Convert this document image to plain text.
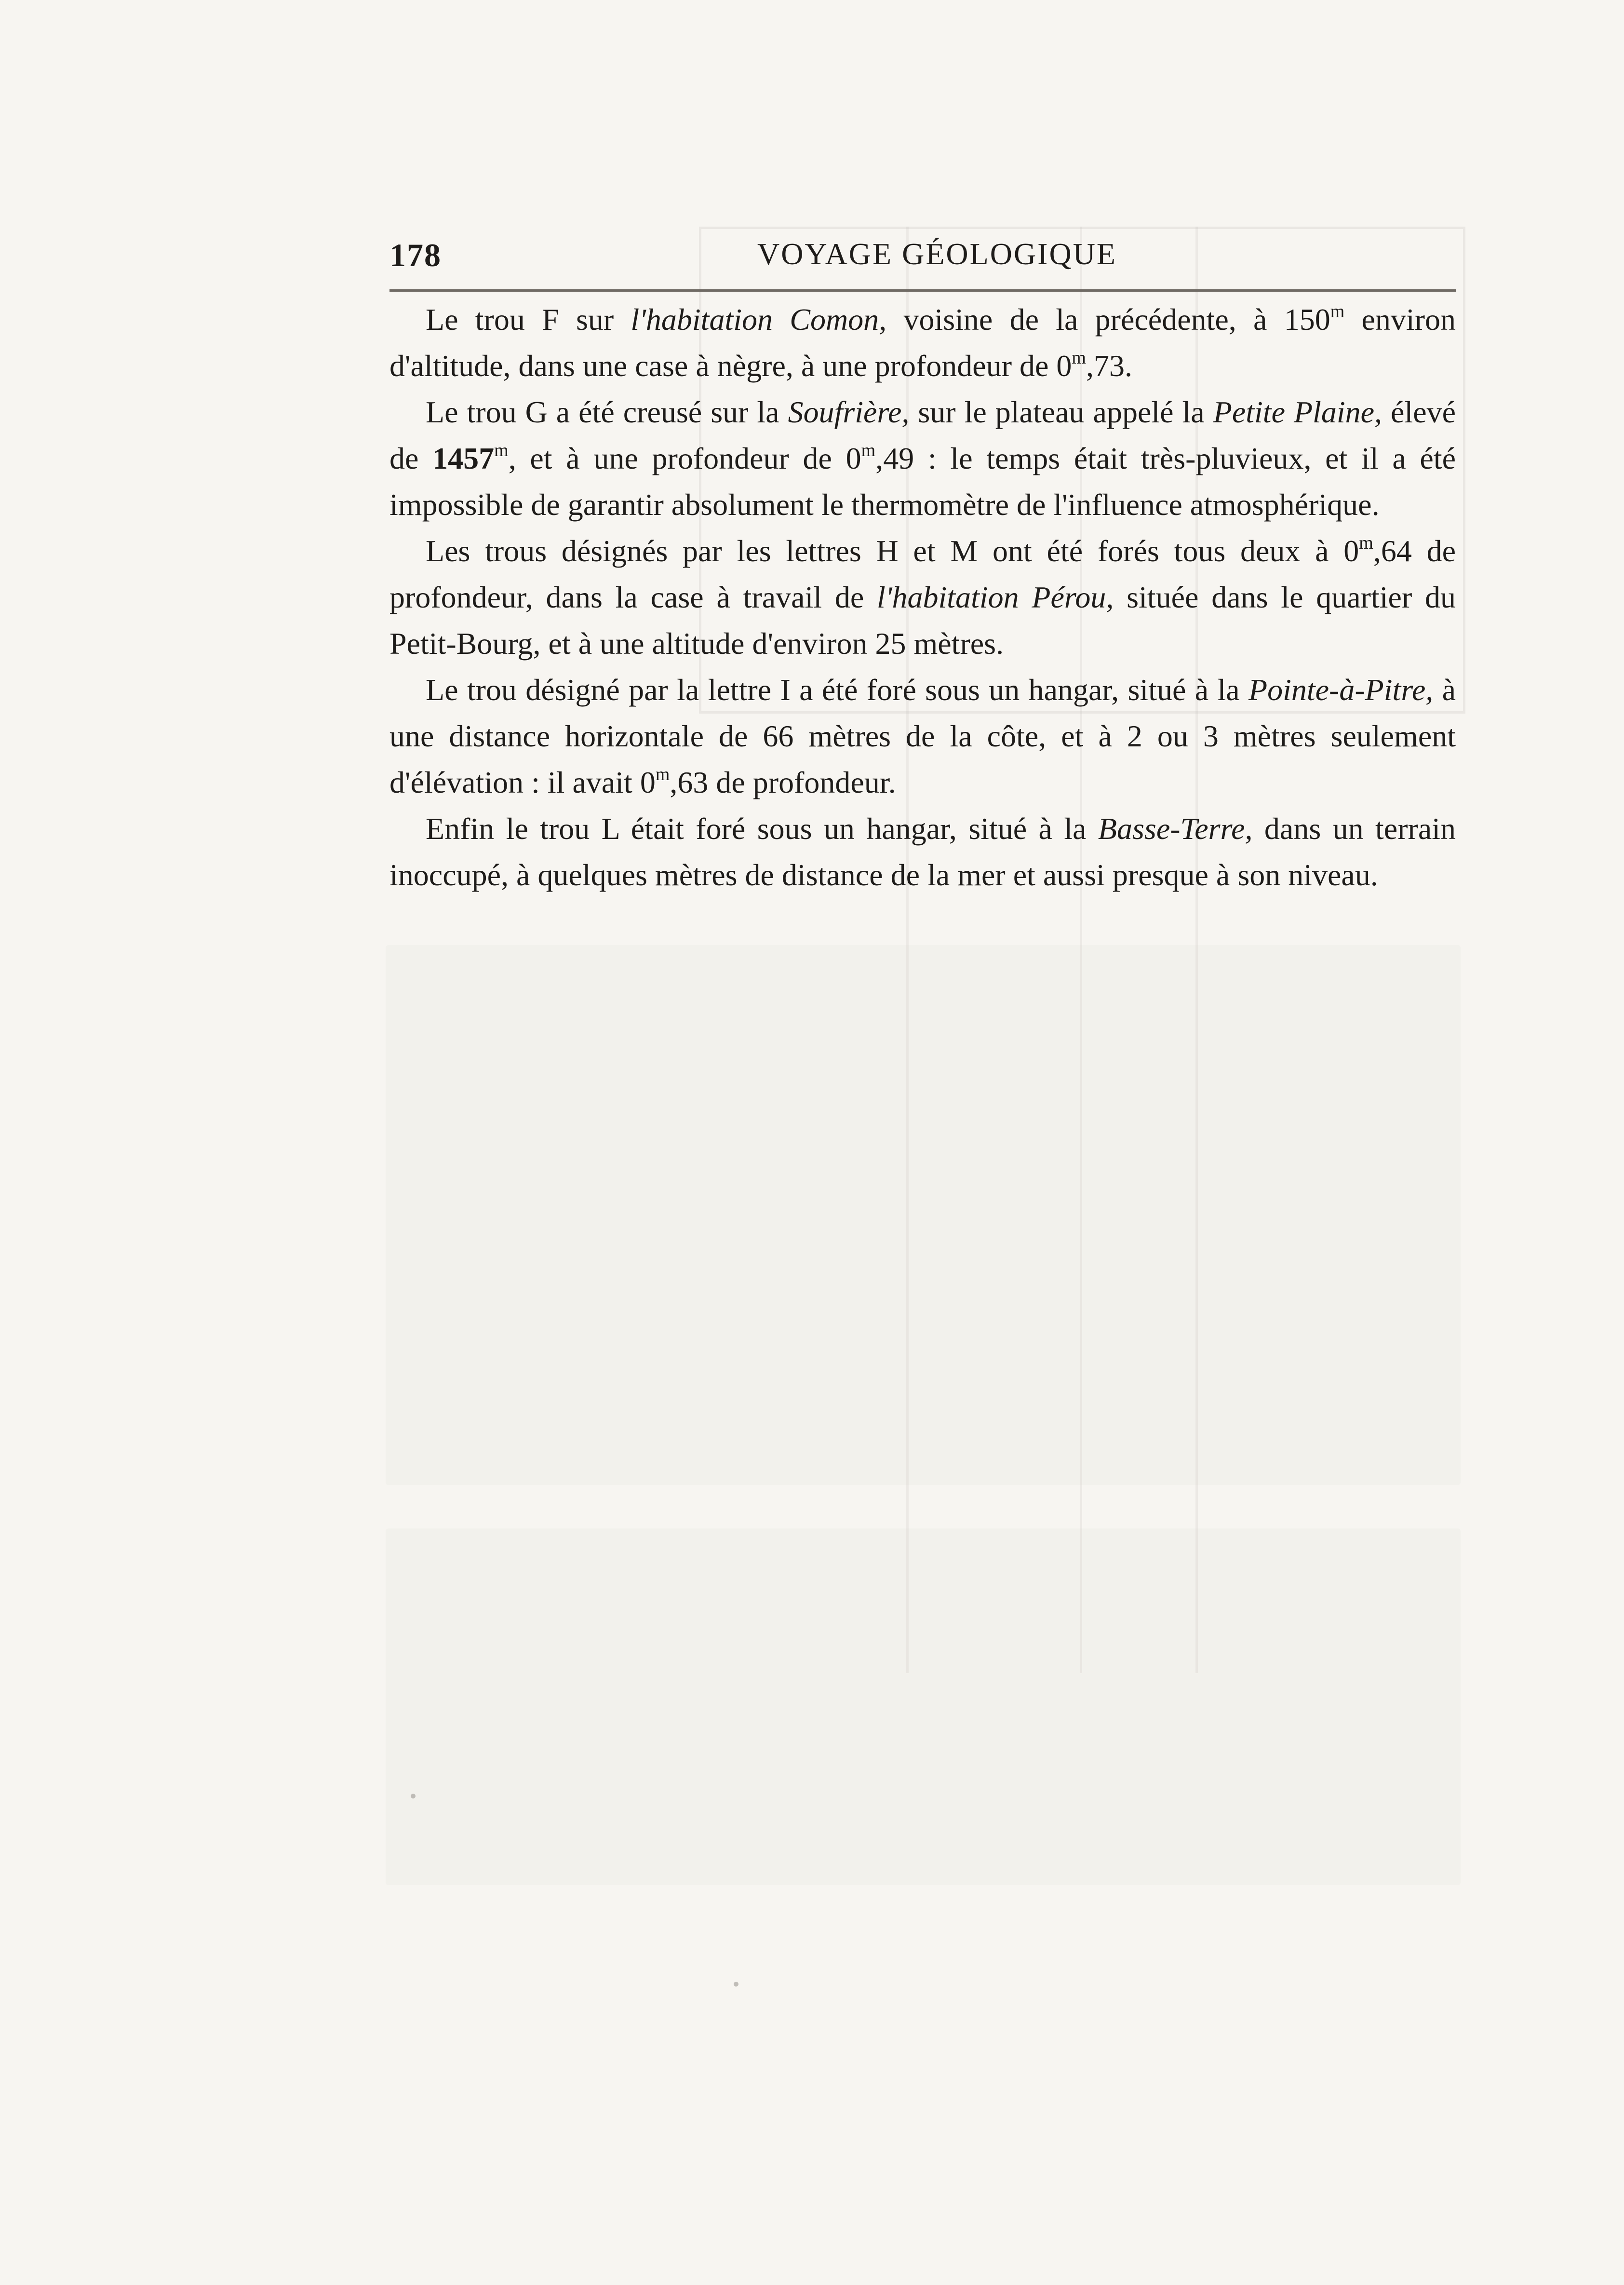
178	VOYAGE GÉOLOGIQUE

Le trou F sur l'habitation Comon, voisine de la précédente, à 150$^m$ environ d'altitude, dans une case à nègre, à une profondeur de 0$^m$,73.

Le trou G a été creusé sur la Soufrière, sur le plateau appelé la Petite Plaine, élevé de 1457$^m$, et à une profondeur de 0$^m$,49 : le temps était très-pluvieux, et il a été impossible de garantir absolument le thermomètre de l'influence atmosphérique.

Les trous désignés par les lettres H et M ont été forés tous deux à 0$^m$,64 de profondeur, dans la case à travail de l'habitation Pérou, située dans le quartier du Petit-Bourg, et à une altitude d'environ 25 mètres.

Le trou désigné par la lettre I a été foré sous un hangar, situé à la Pointe-à-Pitre, à une distance horizontale de 66 mètres de la côte, et à 2 ou 3 mètres seulement d'élévation : il avait 0$^m$,63 de profondeur.

Enfin le trou L était foré sous un hangar, situé à la Basse-Terre, dans un terrain inoccupé, à quelques mètres de distance de la mer et aussi presque à son niveau.
